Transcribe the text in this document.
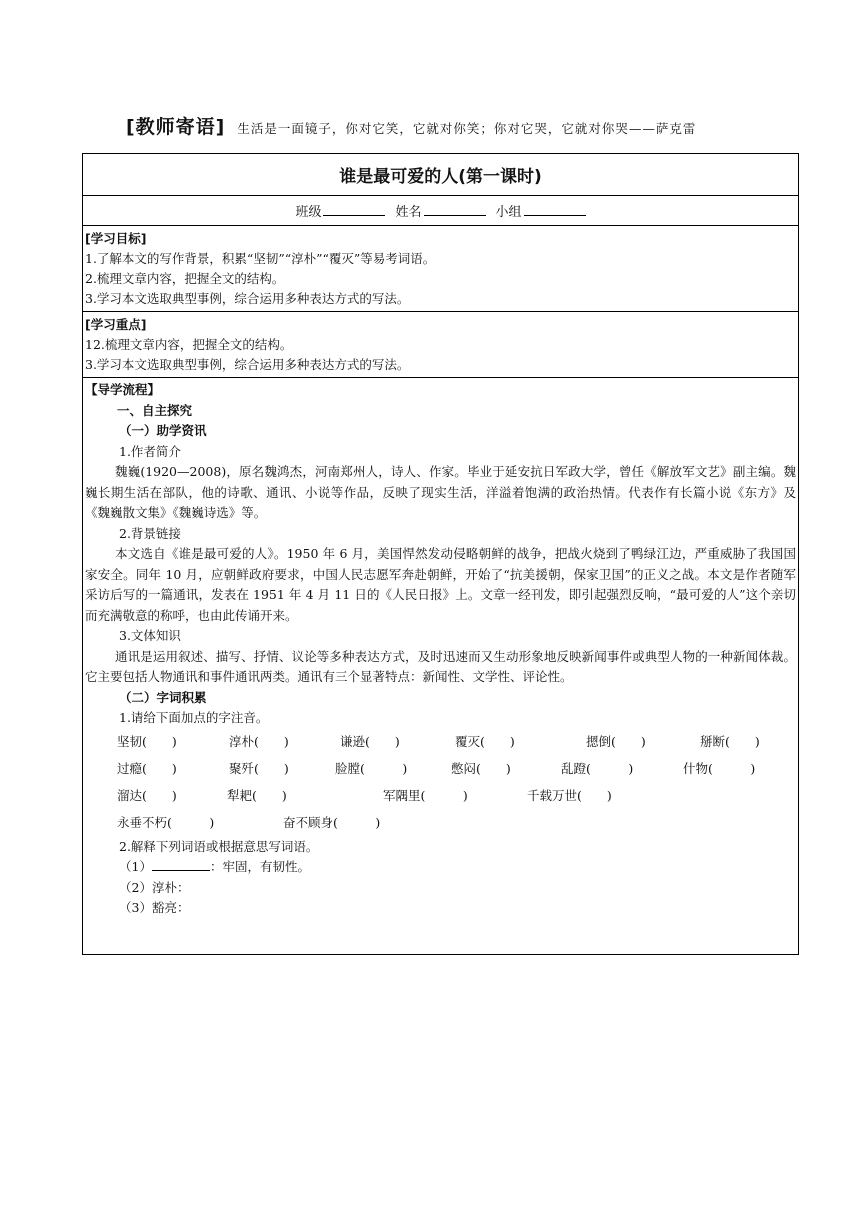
[教师寄语] 生活是一面镜子，你对它笑，它就对你笑；你对它哭，它就对你哭——萨克雷
谁是最可爱的人(第一课时)
班级	姓名	小组
[学习目标]
1.了解本文的写作背景，积累“坚韧”“淳朴”“覆灭”等易考词语。
2.梳理文章内容，把握全文的结构。
3.学习本文选取典型事例，综合运用多种表达方式的写法。
[学习重点]
12.梳理文章内容，把握全文的结构。
3.学习本文选取典型事例，综合运用多种表达方式的写法。
【导学流程】
一、自主探究
（一）助学资讯
1.作者简介

魏巍(1920—2008)，原名魏鸿杰，河南郑州人，诗人、作家。毕业于延安抗日军政大学，曾任《解放军文艺》副主编。魏巍长期生活在部队，他的诗歌、通讯、小说等作品，反映了现实生活，洋溢着饱满的政治热情。代表作有长篇小说《东方》及《魏巍散文集》《魏巍诗选》等。

2.背景链接

本文选自《谁是最可爱的人》。1950 年 6 月，美国悍然发动侵略朝鲜的战争，把战火烧到了鸭绿江边，严重威胁了我国国家安全。同年 10 月，应朝鲜政府要求，中国人民志愿军奔赴朝鲜，开始了“抗美援朝，保家卫国”的正义之战。本文是作者随军采访后写的一篇通讯，发表在 1951 年 4 月 11 日的《人民日报》上。文章一经刊发，即引起强烈反响，“最可爱的人”这个亲切而充满敬意的称呼，也由此传诵开来。

3.文体知识

通讯是运用叙述、描写、抒情、议论等多种表达方式，及时迅速而又生动形象地反映新闻事件或典型人物的一种新闻体裁。它主要包括人物通讯和事件通讯两类。通讯有三个显著特点：新闻性、文学性、评论性。

（二）字词积累
1.请给下面加点的字注音。
坚韧(　　)	淳朴(　　)	谦逊(　　)	覆灭(　　)	摁倒(　　)	掰断(　　)
过瘾(　　)	聚歼(　　)	脸膛(　　　)	憋闷(　　)	乱蹬(　　　)	什物(　　　)
溜达(　　)	犁耙(　　)	军隅里(　　　)	千载万世(　　)
永垂不朽(　　　)	奋不顾身(　　　)
2.解释下列词语或根据意思写词语。
（1）	：牢固，有韧性。
（2）淳朴：
（3）豁亮：
